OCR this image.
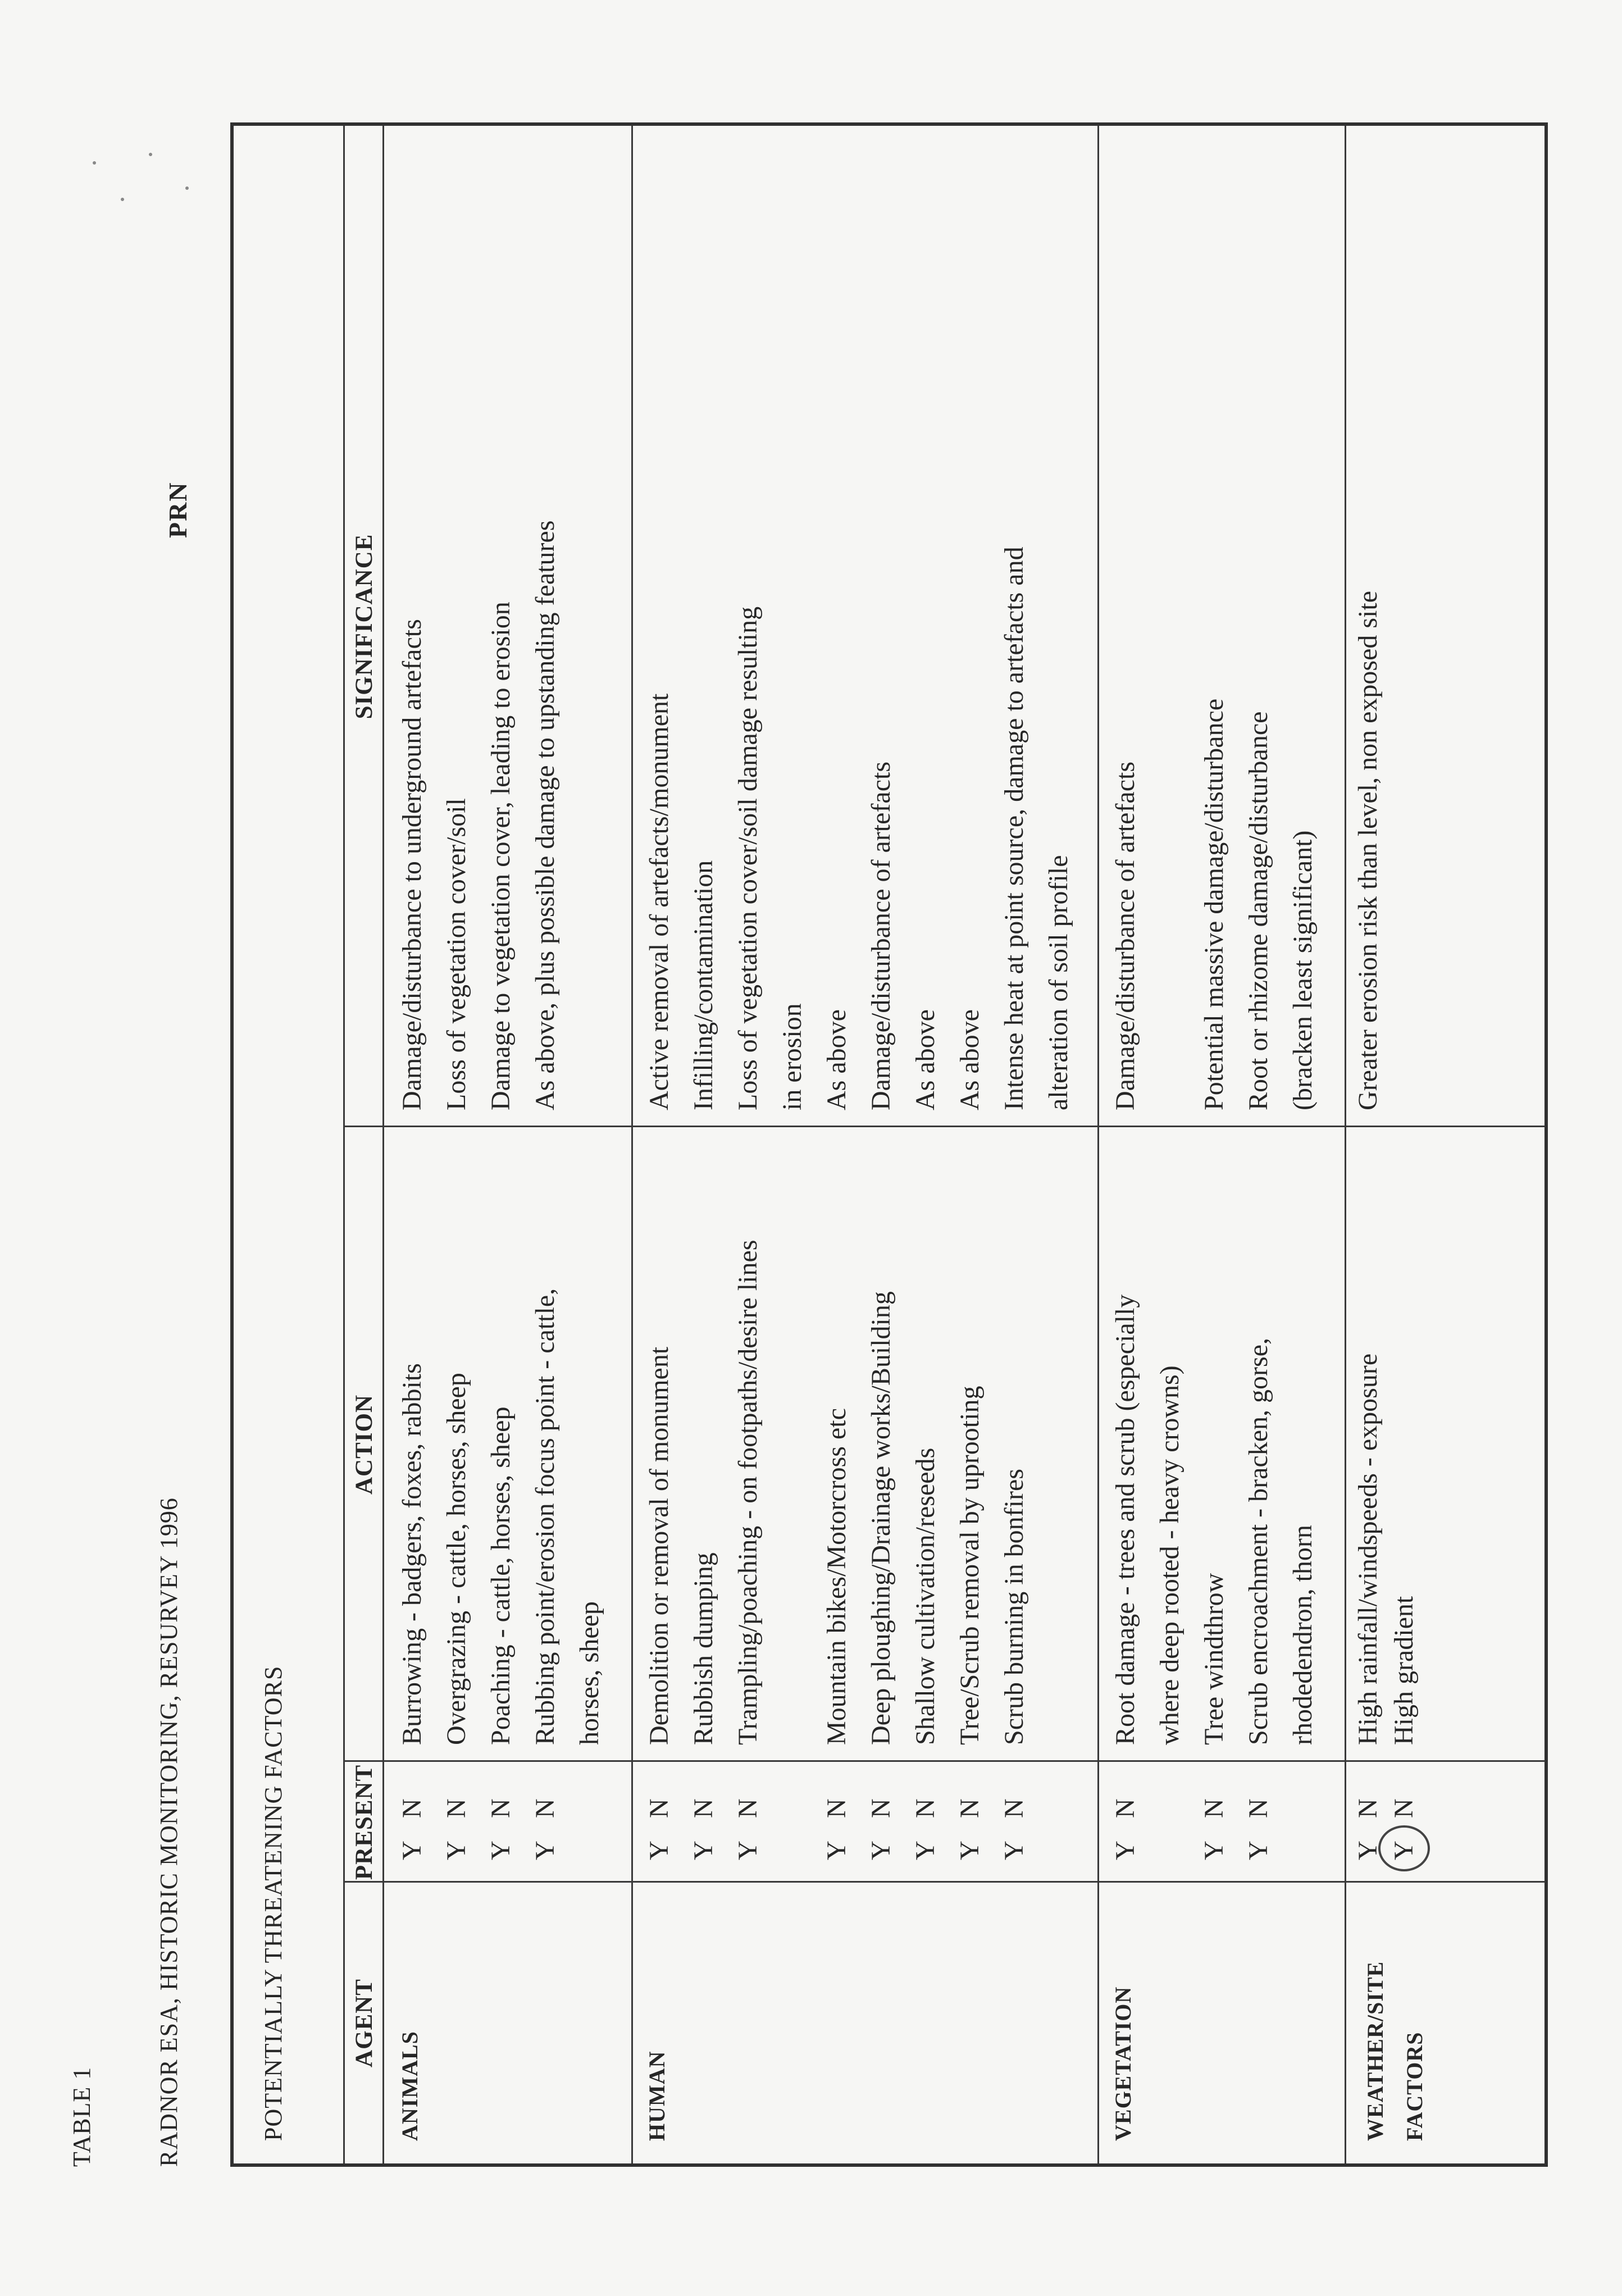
TABLE 1 RADNOR ESA, HISTORIC MONITORING, RESURVEY 1996
PRN
POTENTIALLY THREATENING FACTORS	AGENT
PRESENT
ACTION
SIGNIFICANCE
ANIMALS
YN
YN
YN
YN
Burrowing - badgers, foxes, rabbits Overgrazing - cattle, horses, sheep Poaching - cattle, horses, sheep Rubbing point/erosion focus point - cattle, horses, sheep
Damage/disturbance to underground artefacts Loss of vegetation cover/soil Damage to vegetation cover, leading to erosion As above, plus possible damage to upstanding features
HUMAN
YN
YN
YN
YN
YN
YN
YN
YN
Demolition or removal of monument Rubbish dumping Trampling/poaching - on footpaths/desire lines Mountain bikes/Motorcross etc Deep ploughing/Drainage works/Building Shallow cultivation/reseeds Tree/Scrub removal by uprooting Scrub burning in bonfires
Active removal of artefacts/monument Infilling/contamination Loss of vegetation cover/soil damage resulting in erosion As above Damage/disturbance of artefacts As above As above Intense heat at point source, damage to artefacts and alteration of soil profile
VEGETATION
YN
YN
YN
Root damage - trees and scrub (especially where deep rooted - heavy crowns) Tree windthrow Scrub encroachment - bracken, gorse, rhodedendron, thorn
Damage/disturbance of artefacts Potential massive damage/disturbance Root or rhizome damage/disturbance (bracken least significant)
WEATHER/SITE FACTORS
YN
YN
High rainfall/windspeeds - exposure High gradient
Greater erosion risk than level, non exposed site
